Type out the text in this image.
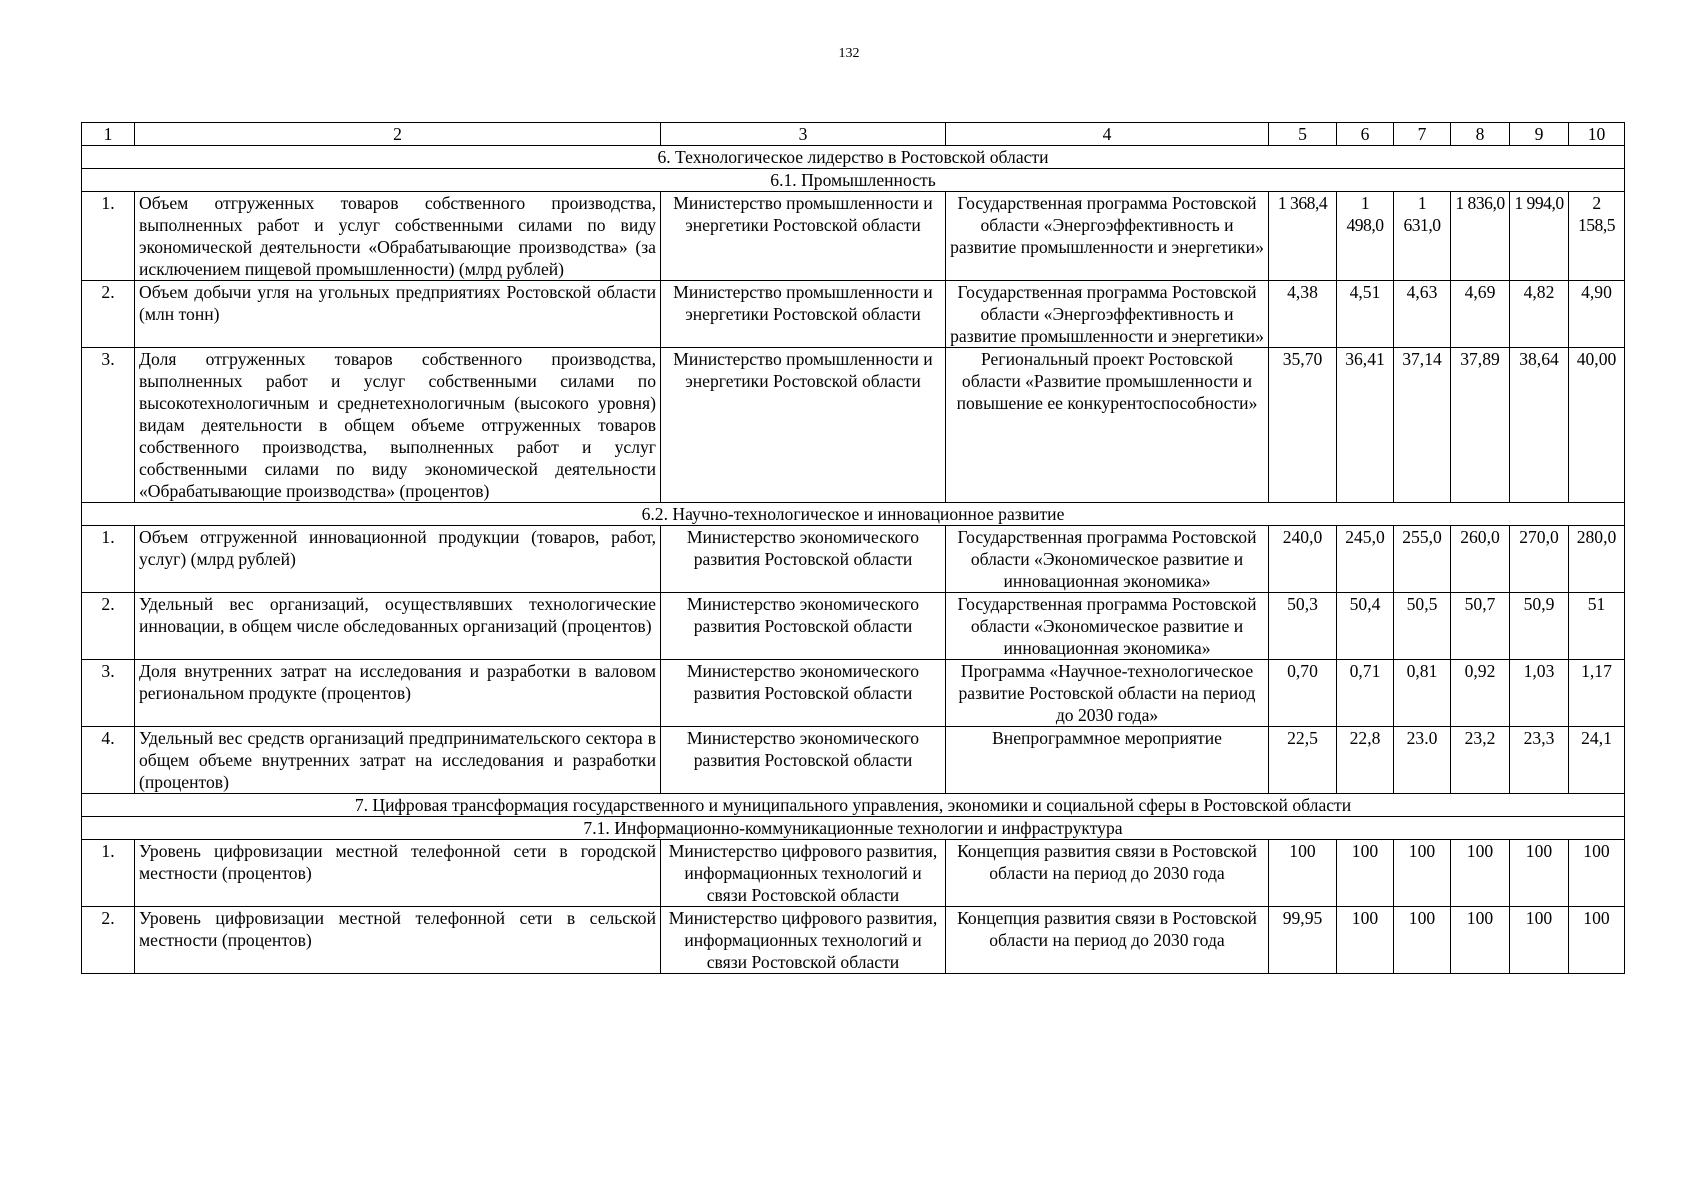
132
1	2	3	4	5	6	7	8	9	10
6. Технологическое лидерство в Ростовской области									
6.1. Промышленность									
1.	Объем отгруженных товаров собственного производства, выполненных работ и услуг собственными силами по виду экономической деятельности «Обрабатывающие производства» (за исключением пищевой промышленности) (млрд рублей)	Министерство промышленности и энергетики Ростовской области	Государственная программа Ростовской области «Энергоэффективность и развитие промышленности и энергетики»	1 368,4	1 498,0	1 631,0	1 836,0	1 994,0	2 158,5
2.	Объем добычи угля на угольных предприятиях Ростовской области (млн тонн)	Министерство промышленности и энергетики Ростовской области	Государственная программа Ростовской области «Энергоэффективность и развитие промышленности и энергетики»	4,38	4,51	4,63	4,69	4,82	4,90
3.	Доля отгруженных товаров собственного производства, выполненных работ и услуг собственными силами по высокотехнологичным и среднетехнологичным (высокого уровня) видам деятельности в общем объеме отгруженных товаров собственного производства, выполненных работ и услуг собственными силами по виду экономической деятельности «Обрабатывающие производства» (процентов)	Министерство промышленности и энергетики Ростовской области	Региональный проект Ростовской области «Развитие промышленности и повышение ее конкурентоспособности»	35,70	36,41	37,14	37,89	38,64	40,00
6.2. Научно-технологическое и инновационное развитие									
1.	Объем отгруженной инновационной продукции (товаров, работ, услуг) (млрд рублей)	Министерство экономического развития Ростовской области	Государственная программа Ростовской области «Экономическое развитие и инновационная экономика»	240,0	245,0	255,0	260,0	270,0	280,0
2.	Удельный вес организаций, осуществлявших технологические инновации, в общем числе обследованных организаций (процентов)	Министерство экономического развития Ростовской области	Государственная программа Ростовской области «Экономическое развитие и инновационная экономика»	50,3	50,4	50,5	50,7	50,9	51
3.	Доля внутренних затрат на исследования и разработки в валовом региональном продукте (процентов)	Министерство экономического развития Ростовской области	Программа «Научное-технологическое развитие Ростовской области на период до 2030 года»	0,70	0,71	0,81	0,92	1,03	1,17
4.	Удельный вес средств организаций предпринимательского сектора в общем объеме внутренних затрат на исследования и разработки (процентов)	Министерство экономического развития Ростовской области	Внепрограммное мероприятие	22,5	22,8	23.0	23,2	23,3	24,1
7. Цифровая трансформация государственного и муниципального управления, экономики и социальной сферы в Ростовской области									
7.1. Информационно-коммуникационные технологии и инфраструктура									
1.	Уровень цифровизации местной телефонной сети в городской местности (процентов)	Министерство цифрового развития, информационных технологий и связи Ростовской области	Концепция развития связи в Ростовской области на период до 2030 года	100	100	100	100	100	100
2.	Уровень цифровизации местной телефонной сети в сельской местности (процентов)	Министерство цифрового развития, информационных технологий и связи Ростовской области	Концепция развития связи в Ростовской области на период до 2030 года	99,95	100	100	100	100	100
